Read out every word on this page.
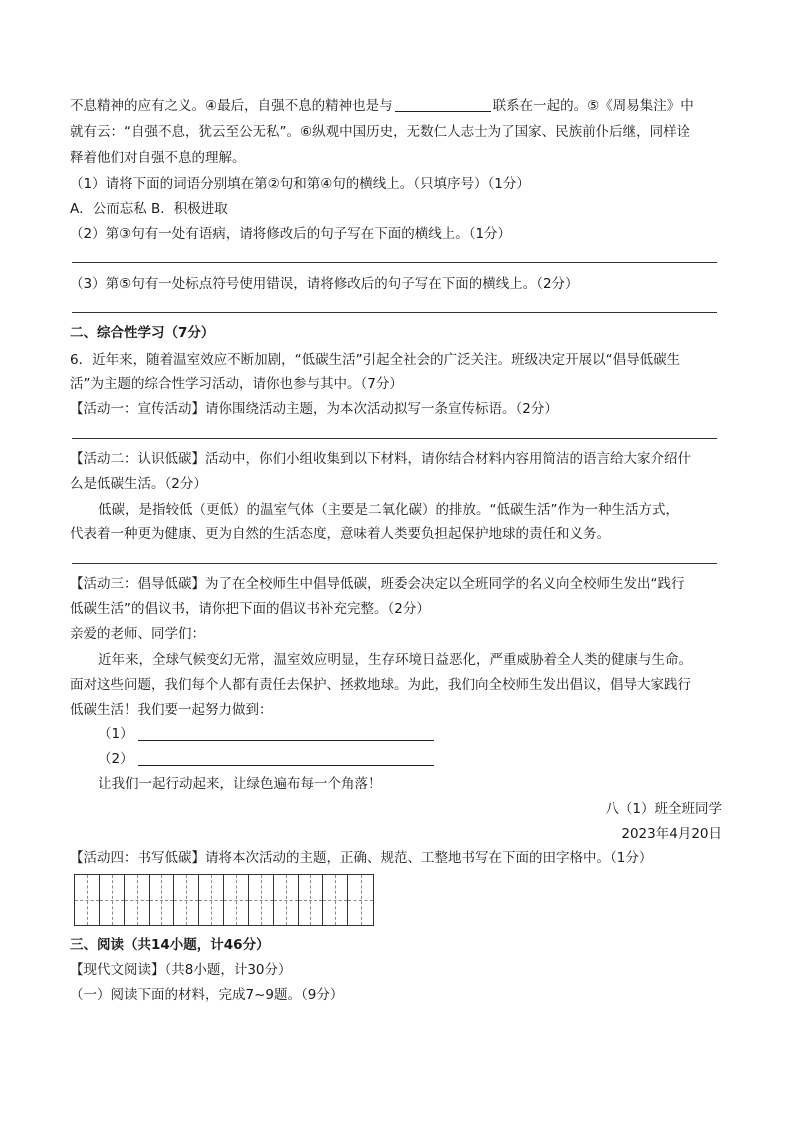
不息精神的应有之义。④最后，自强不息的精神也是与	联系在一起的。⑤《周易集注》中
就有云：“自强不息，犹云至公无私”。⑥纵观中国历史，无数仁人志士为了国家、民族前仆后继，同样诠
释着他们对自强不息的理解。
（1）请将下面的词语分别填在第②句和第④句的横线上。（只填序号）（1分）
A．公而忘私 B．积极进取
（2）第③句有一处有语病，请将修改后的句子写在下面的横线上。（1分）
（3）第⑤句有一处标点符号使用错误，请将修改后的句子写在下面的横线上。（2分）
二、综合性学习（7分）
6．近年来，随着温室效应不断加剧，“低碳生活”引起全社会的广泛关注。班级决定开展以“倡导低碳生
活”为主题的综合性学习活动，请你也参与其中。（7分）
【活动一：宣传活动】请你围绕活动主题，为本次活动拟写一条宣传标语。（2分）
【活动二：认识低碳】活动中，你们小组收集到以下材料，请你结合材料内容用简洁的语言给大家介绍什
么是低碳生活。（2分）
低碳，是指较低（更低）的温室气体（主要是二氧化碳）的排放。“低碳生活”作为一种生活方式，
代表着一种更为健康、更为自然的生活态度，意味着人类要负担起保护地球的责任和义务。
【活动三：倡导低碳】为了在全校师生中倡导低碳，班委会决定以全班同学的名义向全校师生发出“践行
低碳生活”的倡议书，请你把下面的倡议书补充完整。（2分）
亲爱的老师、同学们：
近年来，全球气候变幻无常，温室效应明显，生存环境日益恶化，严重威胁着全人类的健康与生命。
面对这些问题，我们每个人都有责任去保护、拯救地球。为此，我们向全校师生发出倡议，倡导大家践行
低碳生活！我们要一起努力做到：
（1）
（2）
让我们一起行动起来，让绿色遍布每一个角落！
八（1）班全班同学
2023年4月20日
【活动四：书写低碳】请将本次活动的主题，正确、规范、工整地书写在下面的田字格中。（1分）
三、阅读（共14小题，计46分）
【现代文阅读】（共8小题，计30分）
（一）阅读下面的材料，完成7~9题。（9分）
